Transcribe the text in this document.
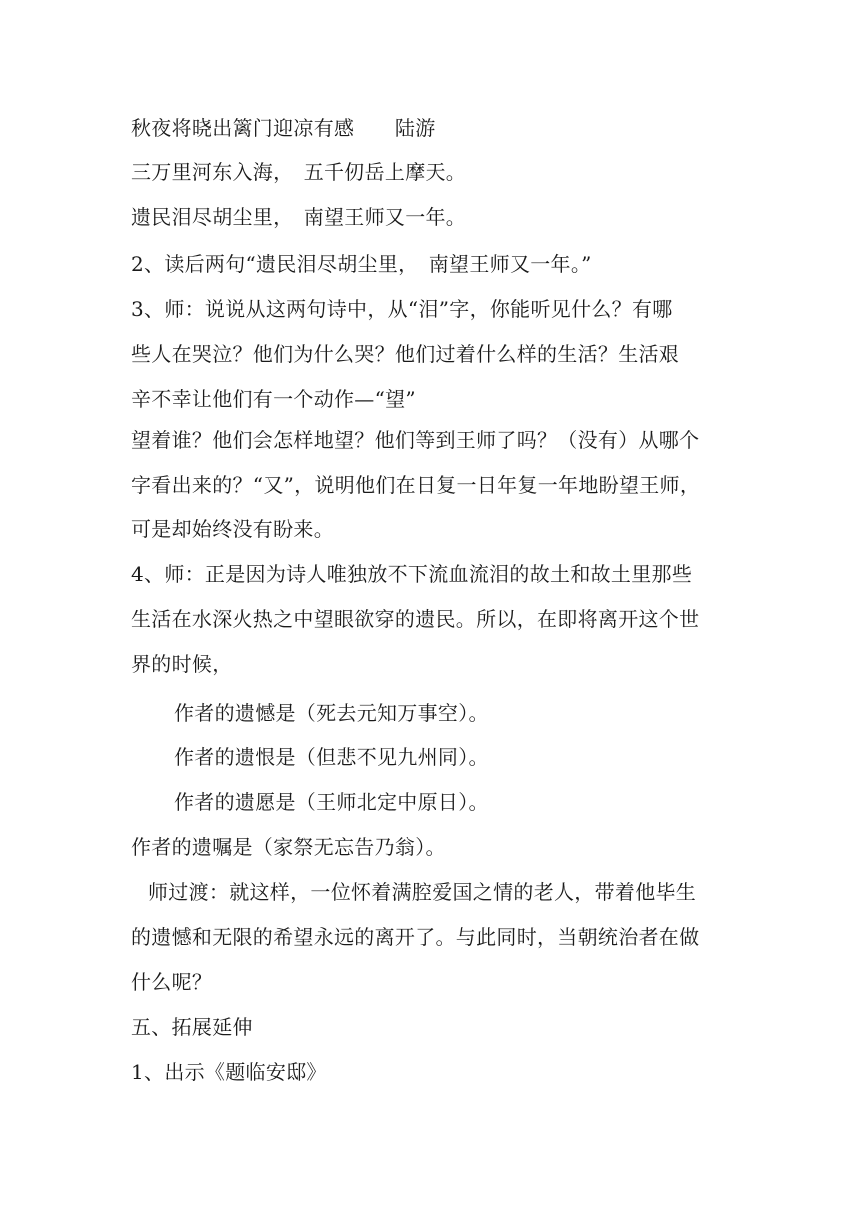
秋夜将晓出篱门迎凉有感　　陆游
三万里河东入海，　五千仞岳上摩天。
遗民泪尽胡尘里，　南望王师又一年。
2、读后两句“遗民泪尽胡尘里，　南望王师又一年。”
3、师：说说从这两句诗中，从“泪”字，你能听见什么？有哪
些人在哭泣？他们为什么哭？他们过着什么样的生活？生活艰
辛不幸让他们有一个动作—“望”
望着谁？他们会怎样地望？他们等到王师了吗？（没有）从哪个
字看出来的？“又”，说明他们在日复一日年复一年地盼望王师，
可是却始终没有盼来。
4、师：正是因为诗人唯独放不下流血流泪的故土和故土里那些
生活在水深火热之中望眼欲穿的遗民。所以，在即将离开这个世
界的时候，
作者的遗憾是（死去元知万事空）。
作者的遗恨是（但悲不见九州同）。
作者的遗愿是（王师北定中原日）。
作者的遗嘱是（家祭无忘告乃翁）。
师过渡：就这样，一位怀着满腔爱国之情的老人，带着他毕生
的遗憾和无限的希望永远的离开了。与此同时，当朝统治者在做
什么呢？
五、拓展延伸
1、出示《题临安邸》
